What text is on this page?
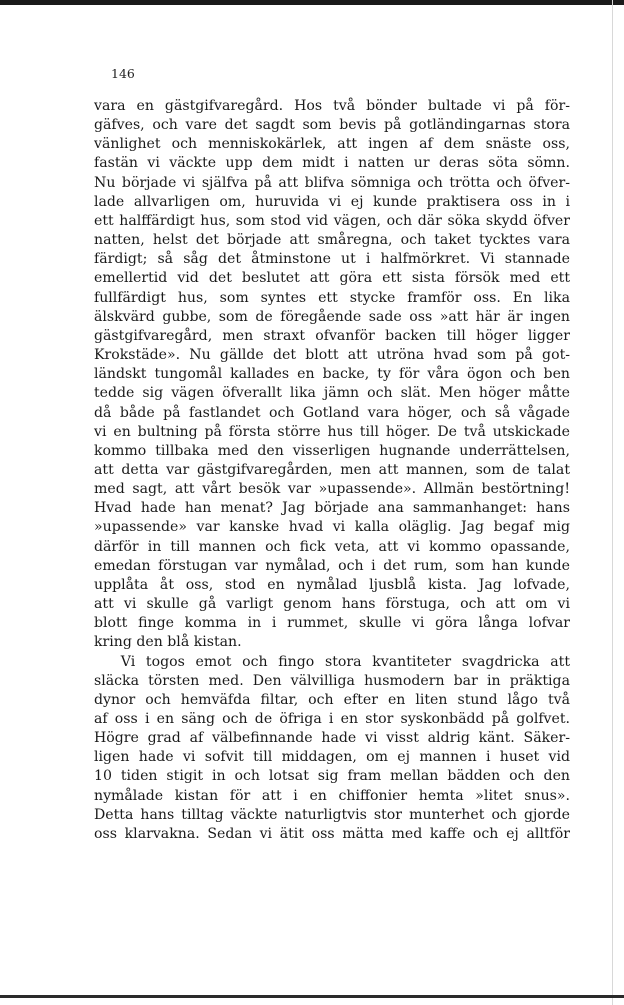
146
vara en gästgifvaregård. Hos två bönder bultade vi på för-
gäfves, och vare det sagdt som bevis på gotländingarnas stora
vänlighet och menniskokärlek, att ingen af dem snäste oss,
fastän vi väckte upp dem midt i natten ur deras söta sömn.
Nu började vi själfva på att blifva sömniga och trötta och öfver-
lade allvarligen om, huruvida vi ej kunde praktisera oss in i
ett halffärdigt hus, som stod vid vägen, och där söka skydd öfver
natten, helst det började att småregna, och taket tycktes vara
färdigt; så såg det åtminstone ut i halfmörkret. Vi stannade
emellertid vid det beslutet att göra ett sista försök med ett
fullfärdigt hus, som syntes ett stycke framför oss. En lika
älskvärd gubbe, som de föregående sade oss »att här är ingen
gästgifvaregård, men straxt ofvanför backen till höger ligger
Krokstäde». Nu gällde det blott att utröna hvad som på got-
ländskt tungomål kallades en backe, ty för våra ögon och ben
tedde sig vägen öfverallt lika jämn och slät. Men höger måtte
då både på fastlandet och Gotland vara höger, och så vågade
vi en bultning på första större hus till höger. De två utskickade
kommo tillbaka med den visserligen hugnande underrättelsen,
att detta var gästgifvaregården, men att mannen, som de talat
med sagt, att vårt besök var »upassende». Allmän bestörtning!
Hvad hade han menat? Jag började ana sammanhanget: hans
»upassende» var kanske hvad vi kalla oläglig. Jag begaf mig
därför in till mannen och fick veta, att vi kommo opassande,
emedan förstugan var nymålad, och i det rum, som han kunde
upplåta åt oss, stod en nymålad ljusblå kista. Jag lofvade,
att vi skulle gå varligt genom hans förstuga, och att om vi
blott finge komma in i rummet, skulle vi göra långa lofvar
kring den blå kistan.
Vi togos emot och fingo stora kvantiteter svagdricka att
släcka törsten med. Den välvilliga husmodern bar in präktiga
dynor och hemväfda filtar, och efter en liten stund lågo två
af oss i en säng och de öfriga i en stor syskonbädd på golfvet.
Högre grad af välbefinnande hade vi visst aldrig känt. Säker-
ligen hade vi sofvit till middagen, om ej mannen i huset vid
10 tiden stigit in och lotsat sig fram mellan bädden och den
nymålade kistan för att i en chiffonier hemta »litet snus».
Detta hans tilltag väckte naturligtvis stor munterhet och gjorde
oss klarvakna. Sedan vi ätit oss mätta med kaffe och ej alltför
